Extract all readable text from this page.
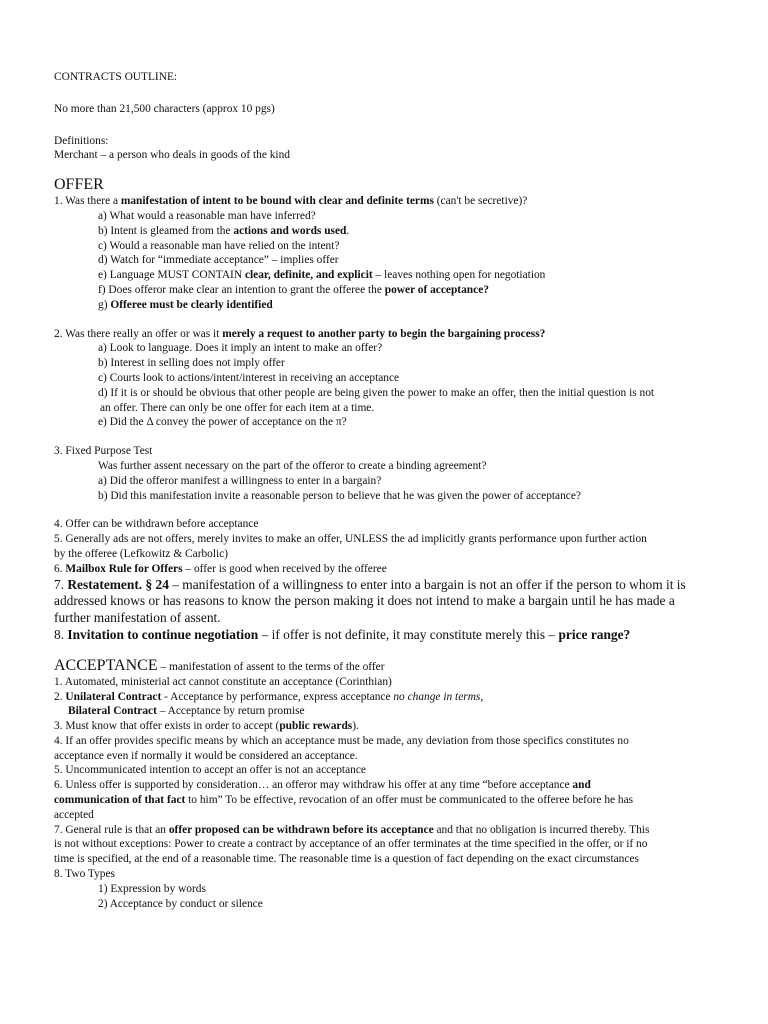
CONTRACTS OUTLINE:
No more than 21,500 characters (approx 10 pgs)
Definitions:
Merchant – a person who deals in goods of the kind
OFFER
1. Was there a manifestation of intent to be bound with clear and definite terms (can't be secretive)?
a) What would a reasonable man have inferred?
b) Intent is gleamed from the actions and words used.
c) Would a reasonable man have relied on the intent?
d) Watch for “immediate acceptance” – implies offer
e) Language MUST CONTAIN clear, definite, and explicit – leaves nothing open for negotiation
f) Does offeror make clear an intention to grant the offeree the power of acceptance?
g) Offeree must be clearly identified
2. Was there really an offer or was it merely a request to another party to begin the bargaining process?
a) Look to language. Does it imply an intent to make an offer?
b) Interest in selling does not imply offer
c) Courts look to actions/intent/interest in receiving an acceptance
d) If it is or should be obvious that other people are being given the power to make an offer, then the initial question is not
an offer. There can only be one offer for each item at a time.
e) Did the Δ convey the power of acceptance on the π?
3. Fixed Purpose Test
Was further assent necessary on the part of the offeror to create a binding agreement?
a) Did the offeror manifest a willingness to enter in a bargain?
b) Did this manifestation invite a reasonable person to believe that he was given the power of acceptance?
4. Offer can be withdrawn before acceptance
5. Generally ads are not offers, merely invites to make an offer, UNLESS the ad implicitly grants performance upon further action
by the offeree (Lefkowitz & Carbolic)
6. Mailbox Rule for Offers – offer is good when received by the offeree
7. Restatement. § 24 – manifestation of a willingness to enter into a bargain is not an offer if the person to whom it is
addressed knows or has reasons to know the person making it does not intend to make a bargain until he has made a
further manifestation of assent.
8. Invitation to continue negotiation – if offer is not definite, it may constitute merely this – price range?
ACCEPTANCE – manifestation of assent to the terms of the offer
1. Automated, ministerial act cannot constitute an acceptance (Corinthian)
2. Unilateral Contract - Acceptance by performance, express acceptance no change in terms,
Bilateral Contract – Acceptance by return promise
3. Must know that offer exists in order to accept (public rewards).
4. If an offer provides specific means by which an acceptance must be made, any deviation from those specifics constitutes no
acceptance even if normally it would be considered an acceptance.
5. Uncommunicated intention to accept an offer is not an acceptance
6. Unless offer is supported by consideration… an offeror may withdraw his offer at any time “before acceptance and
communication of that fact to him” To be effective, revocation of an offer must be communicated to the offeree before he has
accepted
7. General rule is that an offer proposed can be withdrawn before its acceptance and that no obligation is incurred thereby. This
is not without exceptions: Power to create a contract by acceptance of an offer terminates at the time specified in the offer, or if no
time is specified, at the end of a reasonable time. The reasonable time is a question of fact depending on the exact circumstances
8. Two Types
1) Expression by words
2) Acceptance by conduct or silence
